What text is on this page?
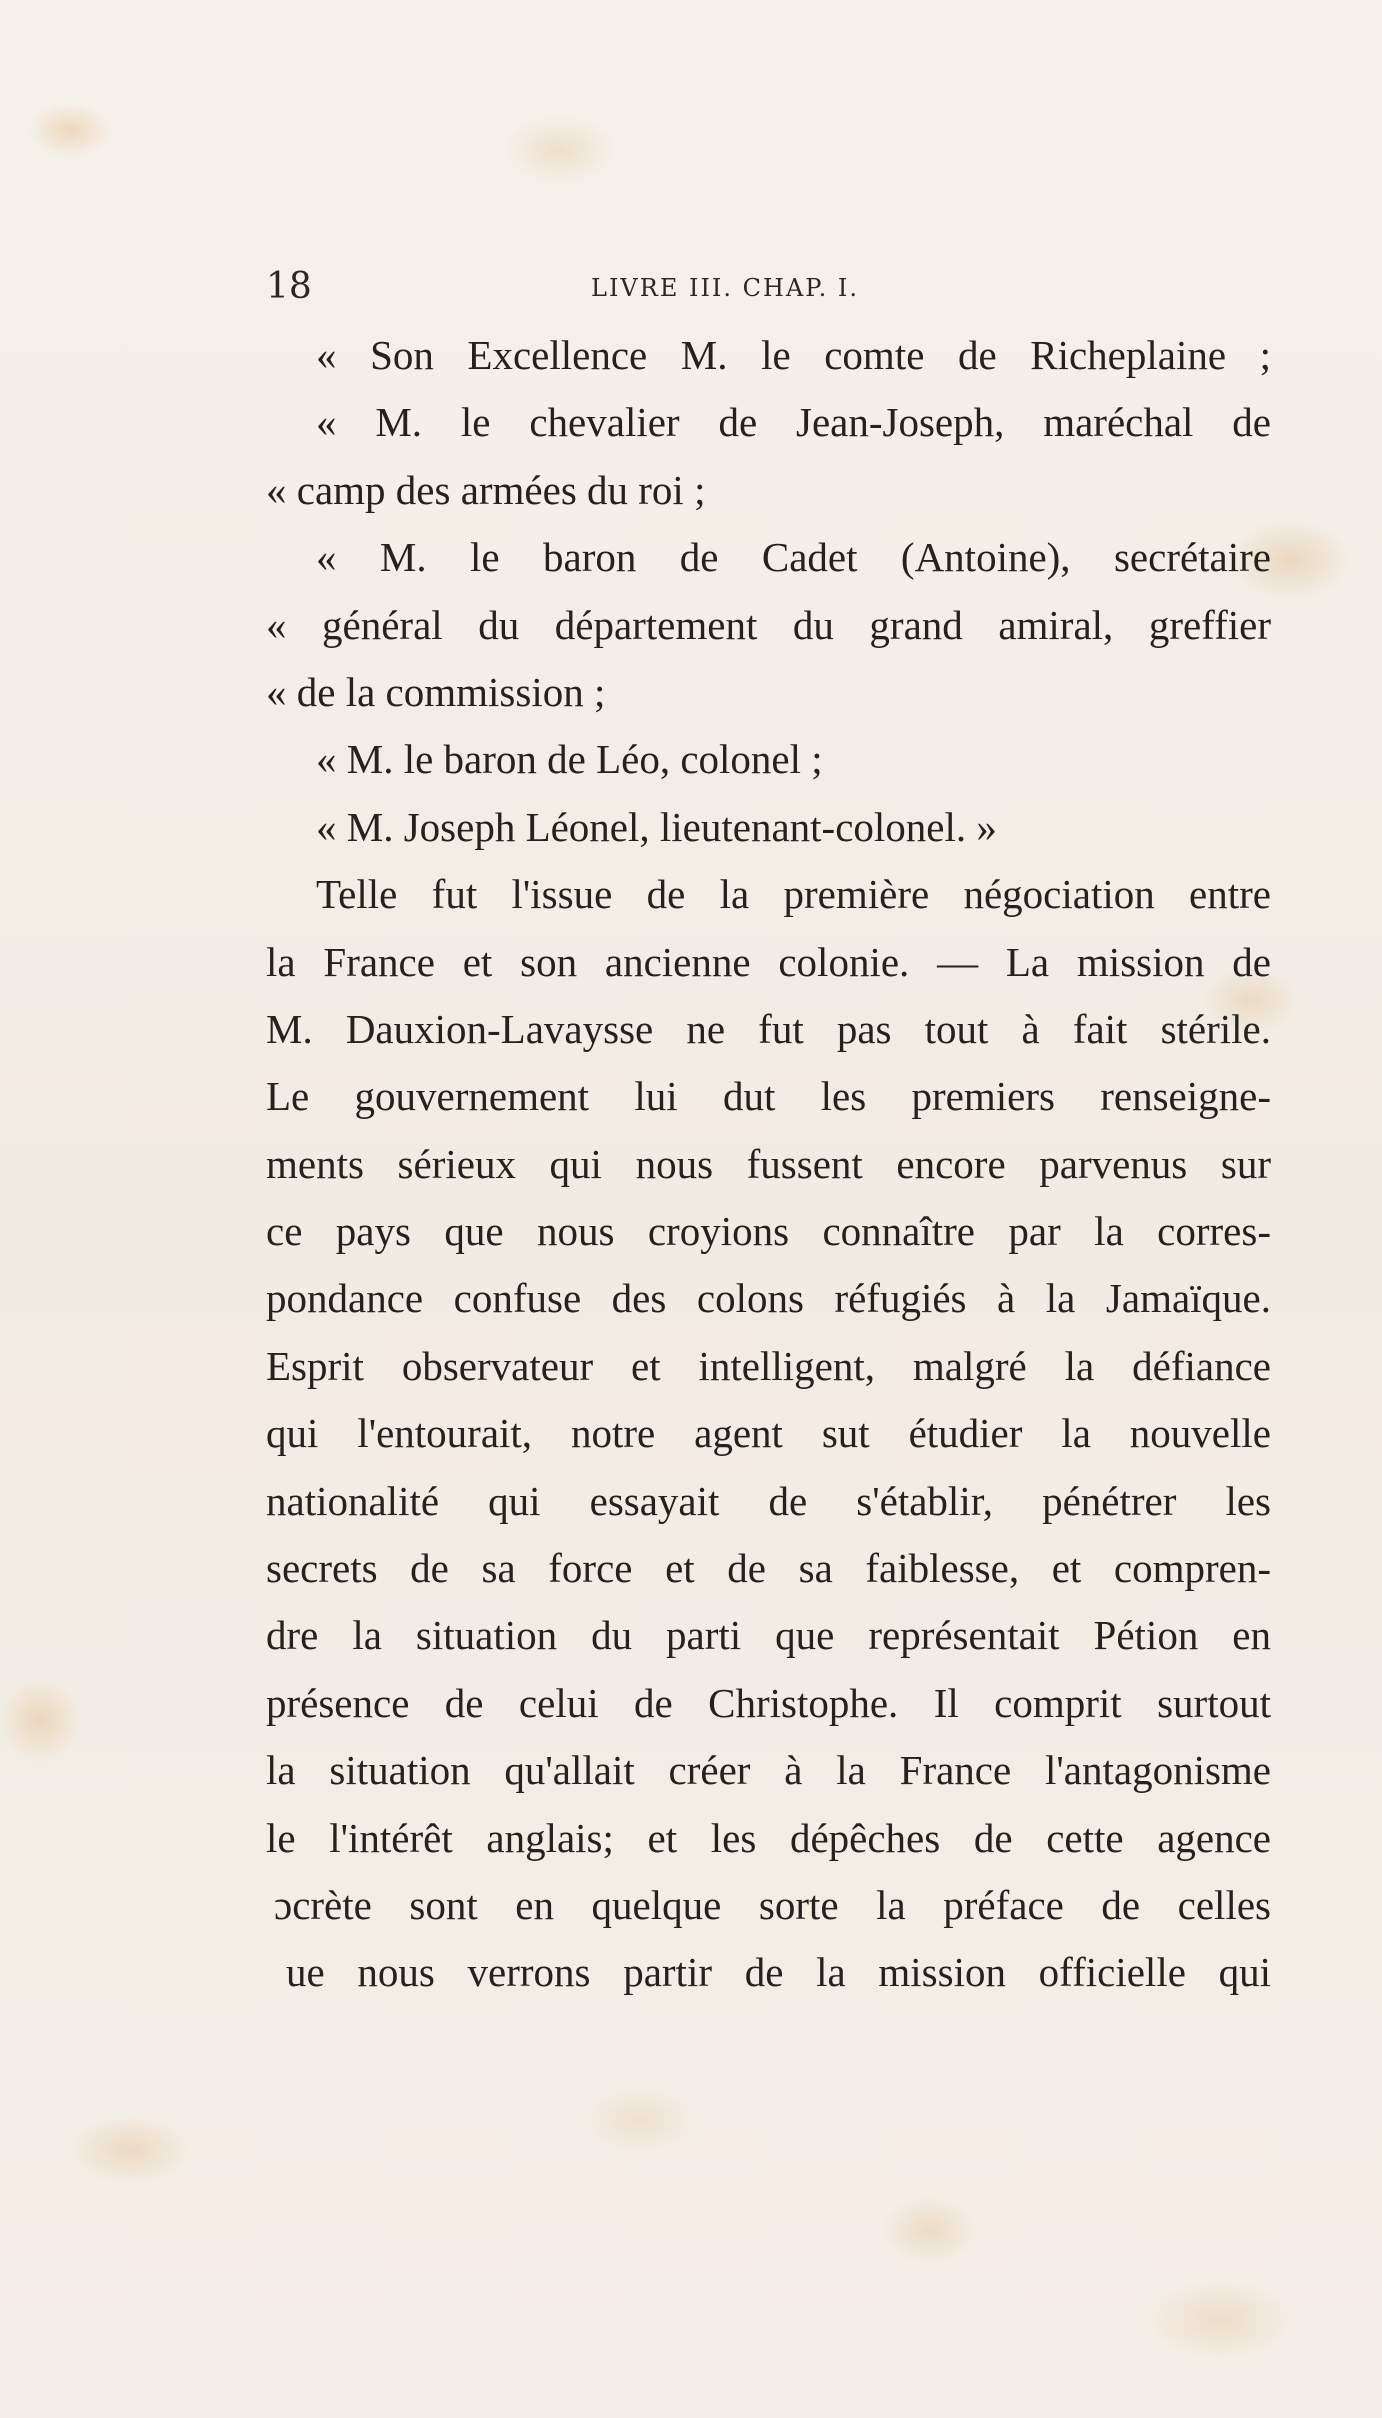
18	LIVRE III. CHAP. I.
« Son Excellence M. le comte de Richeplaine ;
« M. le chevalier de Jean-Joseph, maréchal de
« camp des armées du roi ;
« M. le baron de Cadet (Antoine), secrétaire
« général du département du grand amiral, greffier
« de la commission ;
« M. le baron de Léo, colonel ;
« M. Joseph Léonel, lieutenant-colonel. »
Telle fut l'issue de la première négociation entre
la France et son ancienne colonie. — La mission de
M. Dauxion-Lavaysse ne fut pas tout à fait stérile.
Le gouvernement lui dut les premiers renseigne-
ments sérieux qui nous fussent encore parvenus sur
ce pays que nous croyions connaître par la corres-
pondance confuse des colons réfugiés à la Jamaïque.
Esprit observateur et intelligent, malgré la défiance
qui l'entourait, notre agent sut étudier la nouvelle
nationalité qui essayait de s'établir, pénétrer les
secrets de sa force et de sa faiblesse, et compren-
dre la situation du parti que représentait Pétion en
présence de celui de Christophe. Il comprit surtout
la situation qu'allait créer à la France l'antagonisme
le l'intérêt anglais; et les dépêches de cette agence
ɔcrète sont en quelque sorte la préface de celles
ue nous verrons partir de la mission officielle qui
